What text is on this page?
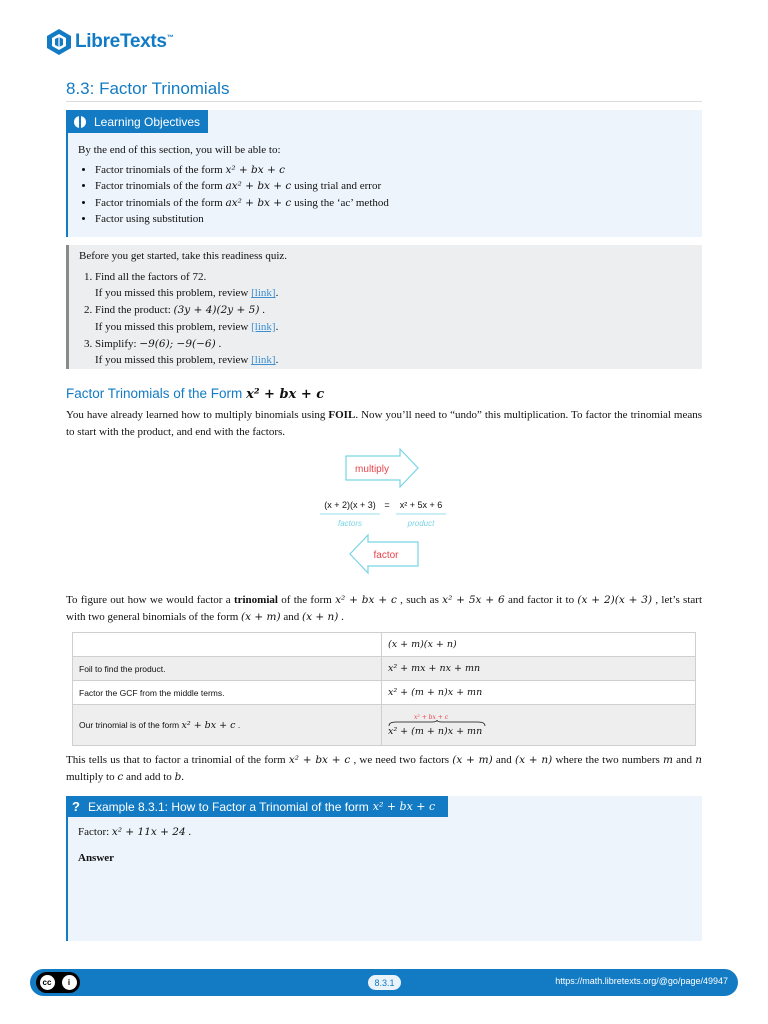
LibreTexts™
8.3: Factor Trinomials
Learning Objectives
By the end of this section, you will be able to:
• Factor trinomials of the form x² + bx + c
• Factor trinomials of the form ax² + bx + c using trial and error
• Factor trinomials of the form ax² + bx + c using the ‘ac’ method
• Factor using substitution
Before you get started, take this readiness quiz.
1. Find all the factors of 72.
If you missed this problem, review [link].
2. Find the product: (3y + 4)(2y + 5) .
If you missed this problem, review [link].
3. Simplify: −9(6); −9(−6) .
If you missed this problem, review [link].
Factor Trinomials of the Form x² + bx + c
You have already learned how to multiply binomials using FOIL. Now you’ll need to “undo” this multiplication. To factor the trinomial means to start with the product, and end with the factors.
multiply
(x + 2)(x + 3) = x² + 5x + 6
factors	product
factor
To figure out how we would factor a trinomial of the form x² + bx + c , such as x² + 5x + 6 and factor it to (x + 2)(x + 3) , let’s start with two general binomials of the form (x + m) and (x + n) .
	(x + m)(x + n)
Foil to find the product.	x² + mx + nx + mn
Factor the GCF from the middle terms.	x² + (m + n)x + mn
Our trinomial is of the form x² + bx + c .	x² + bx + c
x² + (m + n)x + mn
This tells us that to factor a trinomial of the form x² + bx + c , we need two factors (x + m) and (x + n) where the two numbers m and n multiply to c and add to b.
? Example 8.3.1: How to Factor a Trinomial of the form x² + bx + c
Factor: x² + 11x + 24 .
Answer
cc	i	8.3.1	https://math.libretexts.org/@go/page/49947
